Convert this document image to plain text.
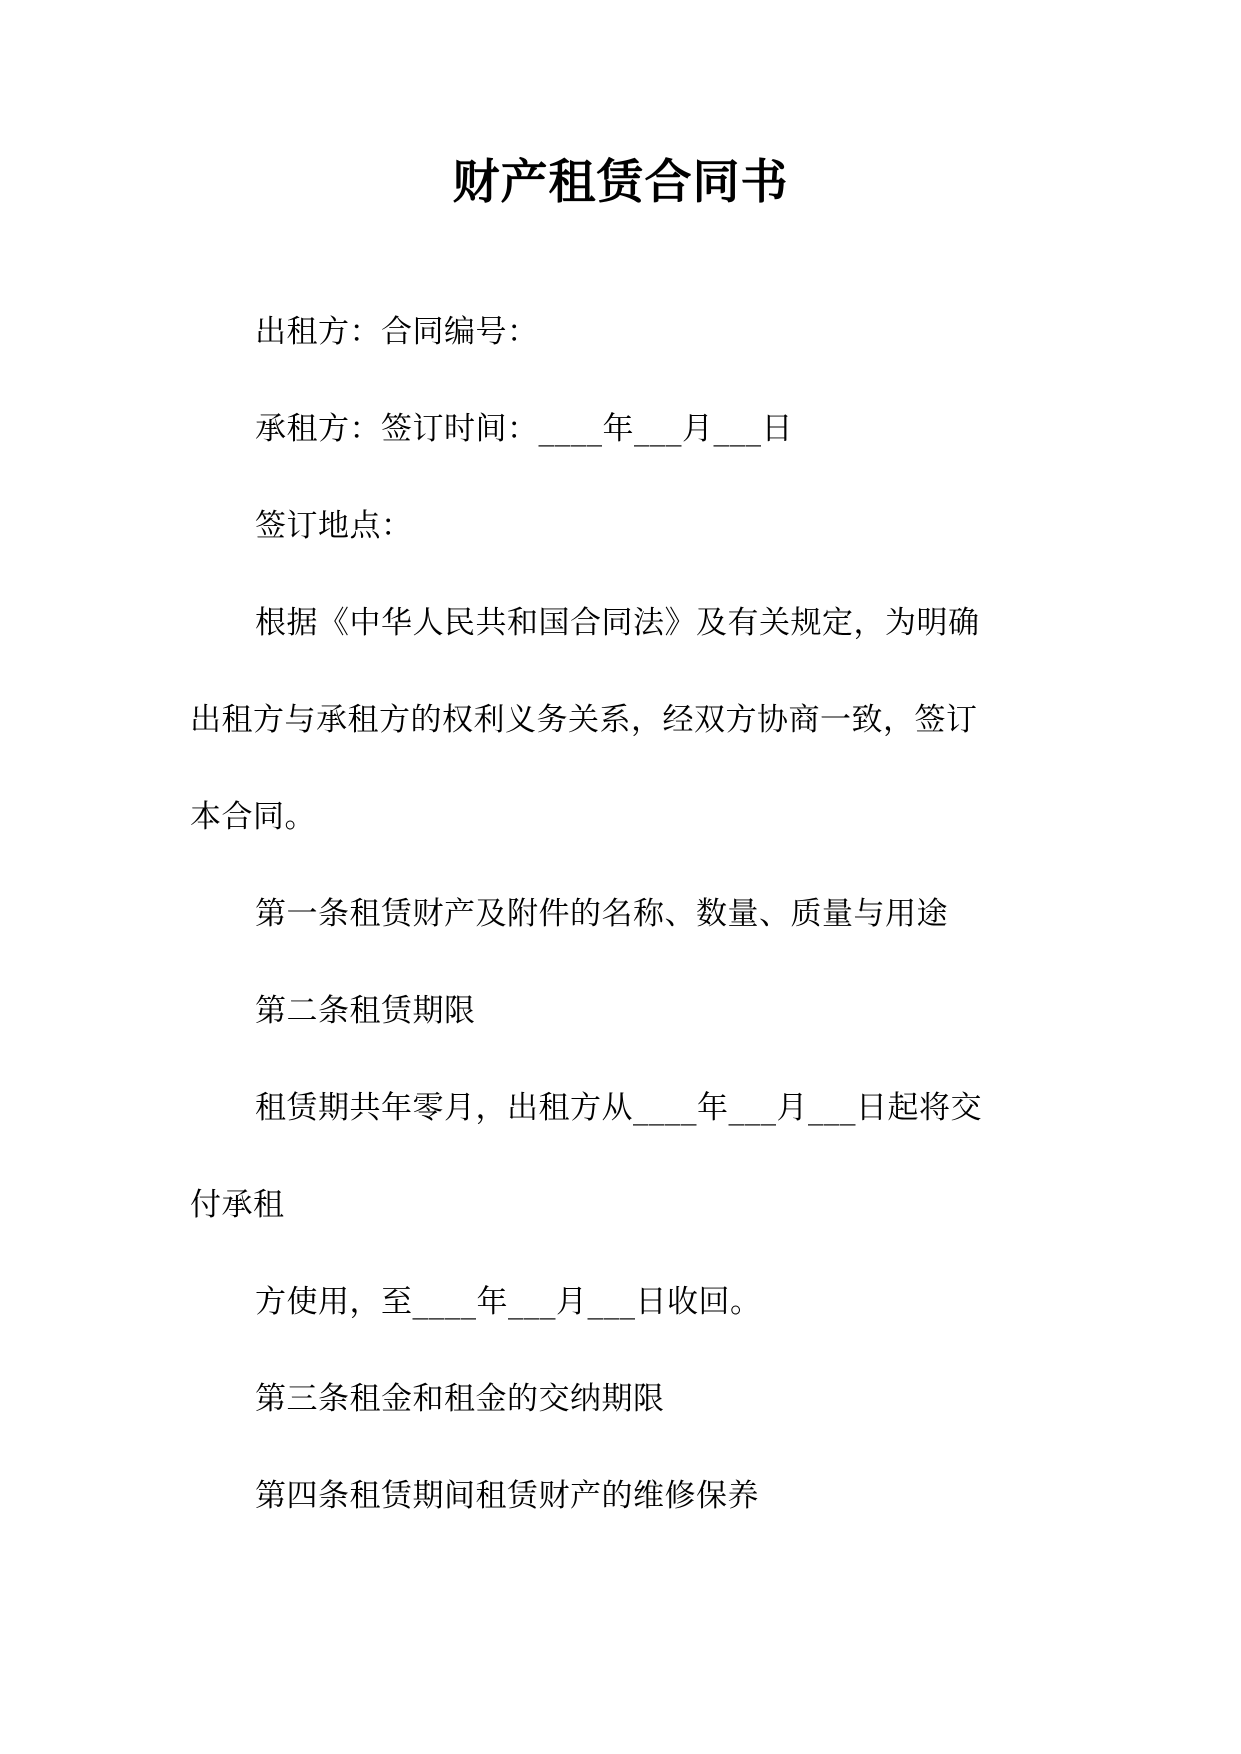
财产租赁合同书

出租方：合同编号：

承租方：签订时间：____年___月___日

签订地点：

根据《中华人民共和国合同法》及有关规定，为明确

出租方与承租方的权利义务关系，经双方协商一致，签订

本合同。

第一条租赁财产及附件的名称、数量、质量与用途

第二条租赁期限

租赁期共年零月，出租方从____年___月___日起将交

付承租

方使用，至____年___月___日收回。

第三条租金和租金的交纳期限

第四条租赁期间租赁财产的维修保养
